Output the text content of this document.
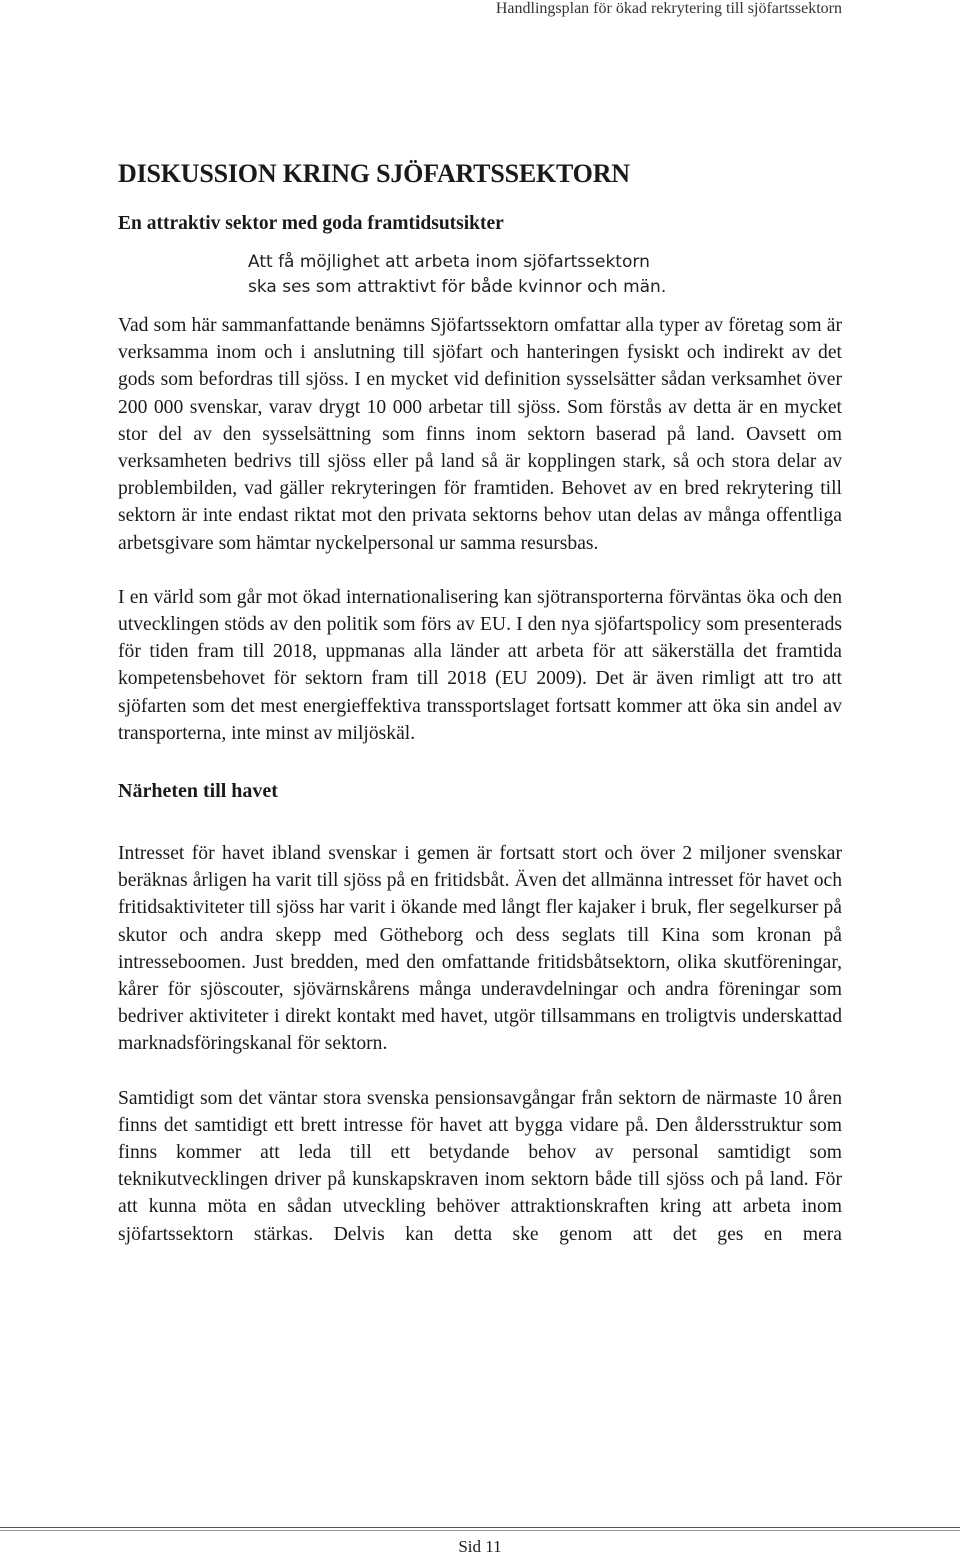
Handlingsplan för ökad rekrytering till sjöfartssektorn
DISKUSSION KRING SJÖFARTSSEKTORN
En attraktiv sektor med goda framtidsutsikter
Att få möjlighet att arbeta inom sjöfartssektorn
ska ses som attraktivt för både kvinnor och män.

Vad som här sammanfattande benämns Sjöfartssektorn omfattar alla typer av företag som är verksamma inom och i anslutning till sjöfart och hanteringen fysiskt och indirekt av det gods som befordras till sjöss. I en mycket vid definition sysselsätter sådan verksamhet över 200 000 svenskar, varav drygt 10 000 arbetar till sjöss. Som förstås av detta är en mycket stor del av den sysselsättning som finns inom sektorn baserad på land. Oavsett om verksamheten bedrivs till sjöss eller på land så är kopplingen stark, så och stora delar av problembilden, vad gäller rekryteringen för framtiden. Behovet av en bred rekrytering till sektorn är inte endast riktat mot den privata sektorns behov utan delas av många offentliga arbetsgivare som hämtar nyckelpersonal ur samma resursbas.

I en värld som går mot ökad internationalisering kan sjötransporterna förväntas öka och den utvecklingen stöds av den politik som förs av EU. I den nya sjöfartspolicy som presenterads för tiden fram till 2018, uppmanas alla länder att arbeta för att säkerställa det framtida kompetensbehovet för sektorn fram till 2018 (EU 2009). Det är även rimligt att tro att sjöfarten som det mest energieffektiva transsportslaget fortsatt kommer att öka sin andel av transporterna, inte minst av miljöskäl.

Närheten till havet

Intresset för havet ibland svenskar i gemen är fortsatt stort och över 2 miljoner svenskar beräknas årligen ha varit till sjöss på en fritidsbåt. Även det allmänna intresset för havet och fritidsaktiviteter till sjöss har varit i ökande med långt fler kajaker i bruk, fler segelkurser på skutor och andra skepp med Götheborg och dess seglats till Kina som kronan på intresseboomen. Just bredden, med den omfattande fritidsbåtsektorn, olika skutföreningar, kårer för sjöscouter, sjövärnskårens många underavdelningar och andra föreningar som bedriver aktiviteter i direkt kontakt med havet, utgör tillsammans en troligtvis underskattad marknadsföringskanal för sektorn.

Samtidigt som det väntar stora svenska pensionsavgångar från sektorn de närmaste 10 åren finns det samtidigt ett brett intresse för havet att bygga vidare på. Den åldersstruktur som finns kommer att leda till ett betydande behov av personal samtidigt som teknikutvecklingen driver på kunskapskraven inom sektorn både till sjöss och på land. För att kunna möta en sådan utveckling behöver attraktionskraften kring att arbeta inom sjöfartssektorn stärkas. Delvis kan detta ske genom att det ges en mera

Sid 11
